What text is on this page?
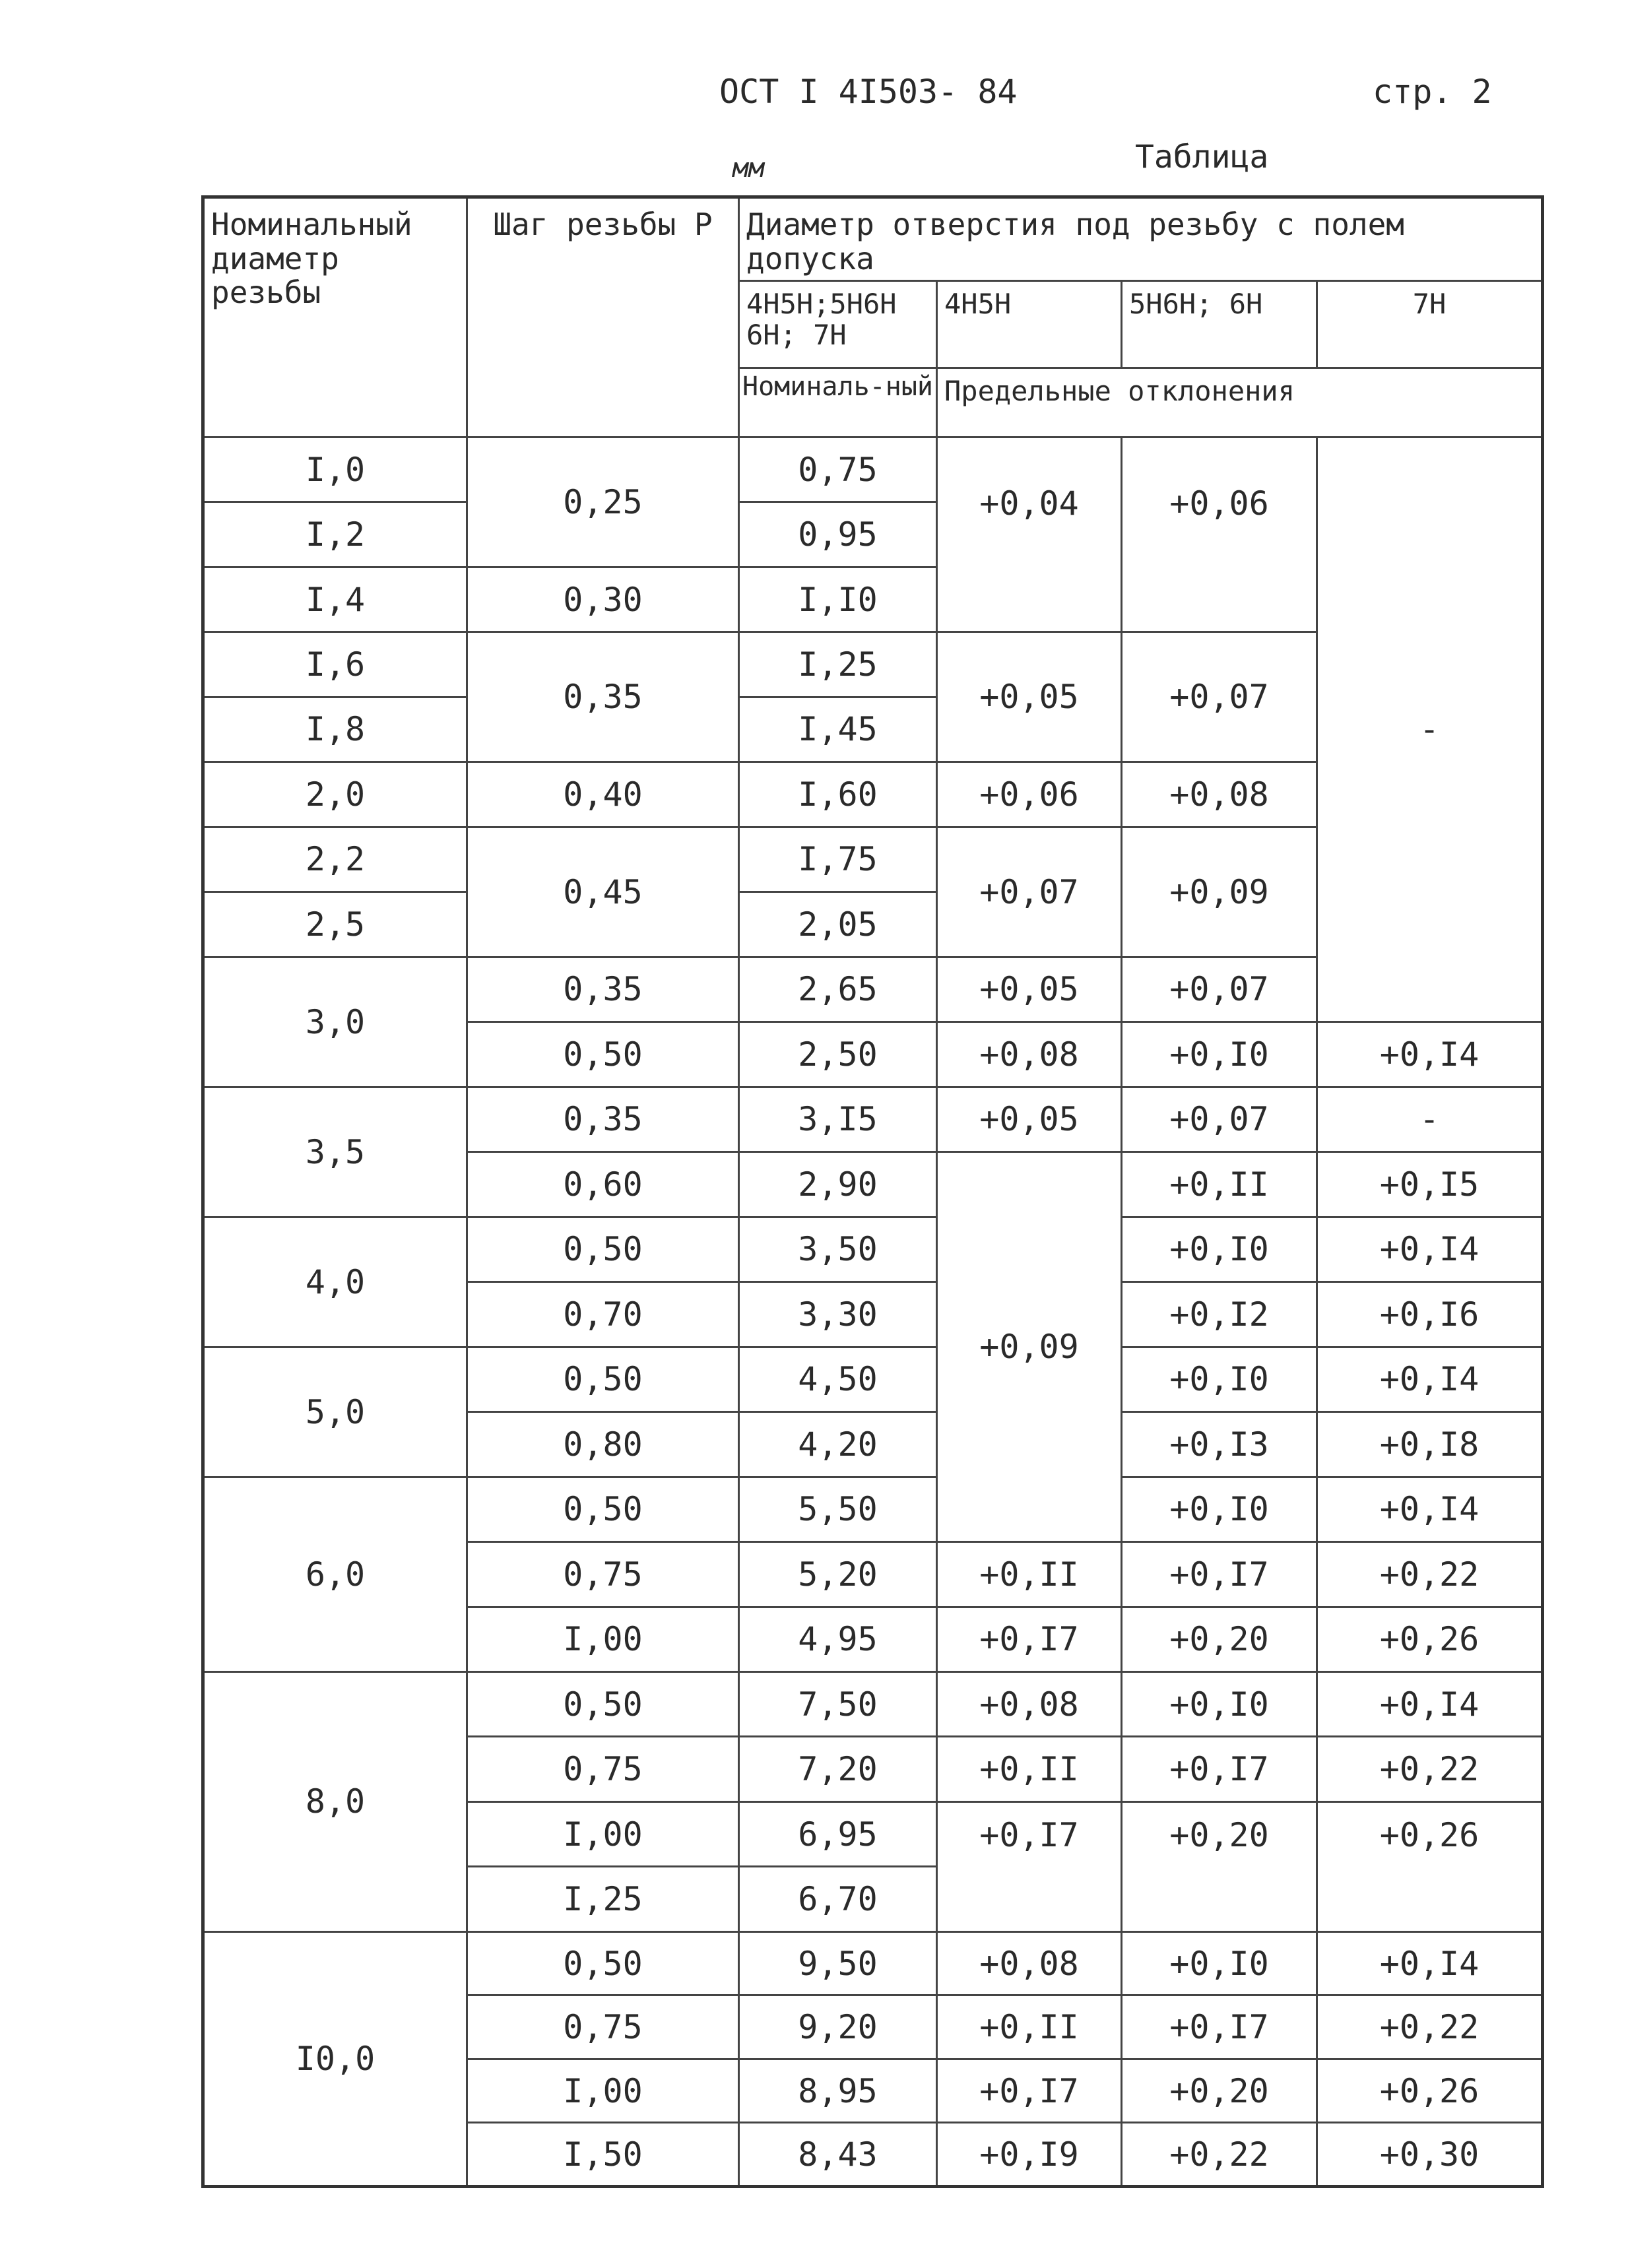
ОСТ I 4I503- 84	стр. 2
Таблица
мм
Номинальный диаметр резьбы	Шаг резьбы Р	Диаметр отверстия под резьбу с полем допуска			
		4H5H;5H6H 6H; 7H	4H5H	5H6H; 6H	7H
		Номиналь-ный	Предельные отклонения		
I,0	0,25	0,75	+0,04	+0,06	-
I,2		0,95			
I,4	0,30	I,I0			
I,6	0,35	I,25	+0,05	+0,07	
I,8		I,45			
2,0	0,40	I,60	+0,06	+0,08	
2,2	0,45	I,75	+0,07	+0,09	
2,5		2,05			
3,0	0,35	2,65	+0,05	+0,07	
	0,50	2,50	+0,08	+0,I0	+0,I4
3,5	0,35	3,I5	+0,05	+0,07	-
	0,60	2,90	+0,09	+0,II	+0,I5
4,0	0,50	3,50		+0,I0	+0,I4
	0,70	3,30		+0,I2	+0,I6
5,0	0,50	4,50		+0,I0	+0,I4
	0,80	4,20		+0,I3	+0,I8
6,0	0,50	5,50		+0,I0	+0,I4
	0,75	5,20	+0,II	+0,I7	+0,22
	I,00	4,95	+0,I7	+0,20	+0,26
8,0	0,50	7,50	+0,08	+0,I0	+0,I4
	0,75	7,20	+0,II	+0,I7	+0,22
	I,00	6,95	+0,I7	+0,20	+0,26
	I,25	6,70			
I0,0	0,50	9,50	+0,08	+0,I0	+0,I4
	0,75	9,20	+0,II	+0,I7	+0,22
	I,00	8,95	+0,I7	+0,20	+0,26
	I,50	8,43	+0,I9	+0,22	+0,30
